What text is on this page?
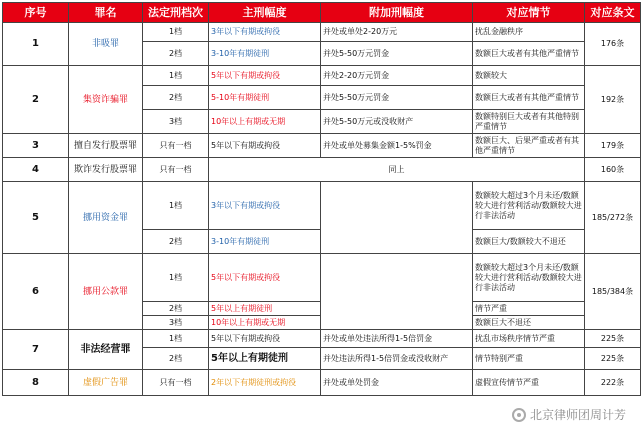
序号	罪名	法定刑档次	主刑幅度	附加刑幅度	对应情节	对应条文
1	非吸罪	1档	3年以下有期或拘役	并处或单处2-20万元	扰乱金融秩序	176条
		2档	3-10年有期徒刑	并处5-50万元罚金	数额巨大或者有其他严重情节	
2	集资诈骗罪	1档	5年以下有期或拘役	并处2-20万元罚金	数额较大	192条
		2档	5-10年有期徒刑	并处5-50万元罚金	数额巨大或者有其他严重情节	
		3档	10年以上有期或无期	并处5-50万元或没收财产	数额特别巨大或者有其他特别严重情节	
3	擅自发行股票罪	只有一档	5年以下有期或拘役	并处或单处募集金额1-5%罚金	数额巨大、后果严重或者有其他严重情节	179条
4	欺诈发行股票罪	只有一档	同上			160条
5	挪用资金罪	1档	3年以下有期或拘役		数额较大超过3个月未还/数额较大进行营利活动/数额较大进行非法活动	185/272条
		2档	3-10年有期徒刑		数额巨大/数额较大不退还	
6	挪用公款罪	1档	5年以下有期或拘役		数额较大超过3个月未还/数额较大进行营利活动/数额较大进行非法活动	185/384条
		2档	5年以上有期徒刑		情节严重	
		3档	10年以上有期或无期		数额巨大不退还	
7	非法经营罪	1档	5年以下有期或拘役	并处或单处违法所得1-5倍罚金	扰乱市场秩序情节严重	225条
		2档	5年以上有期徒刑	并处违法所得1-5倍罚金或没收财产	情节特别严重	225条
8	虚假广告罪	只有一档	2年以下有期徒刑或拘役	并处或单处罚金	虚假宣传情节严重	222条
北京律师团周计芳
